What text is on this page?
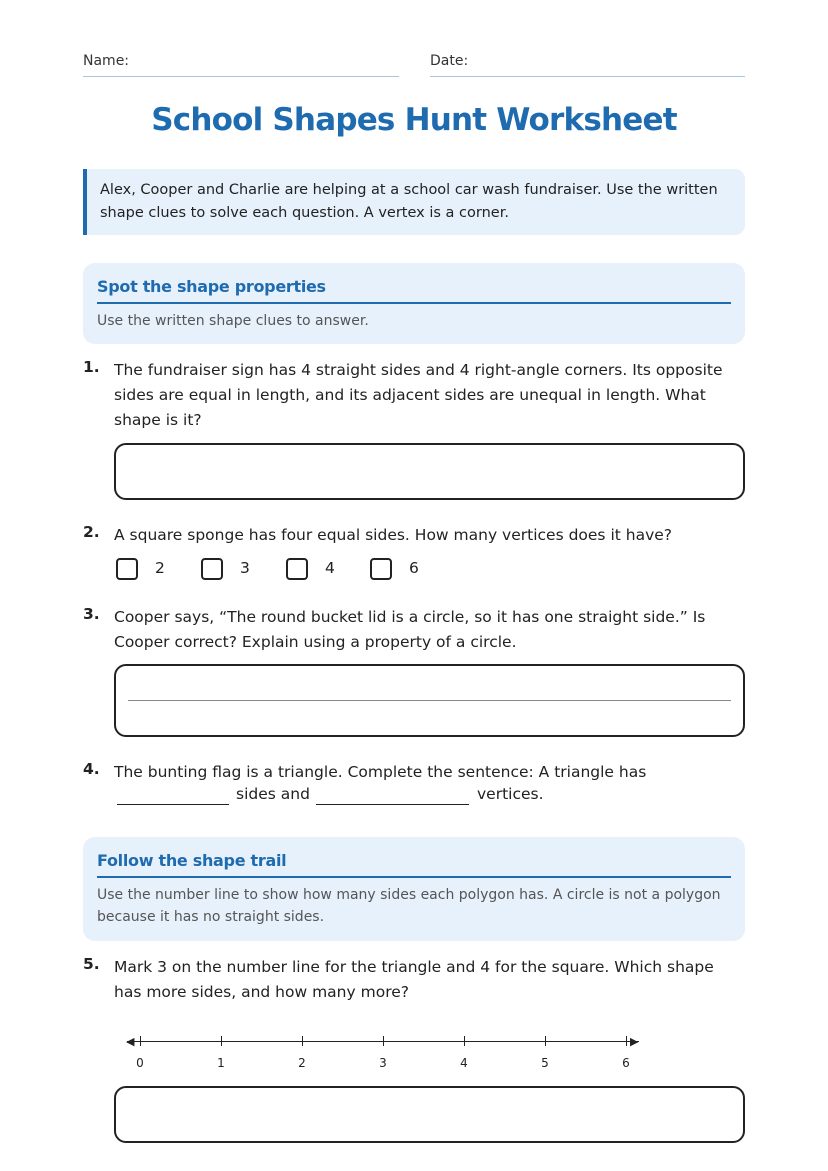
Name:	Date:
School Shapes Hunt Worksheet
Alex, Cooper and Charlie are helping at a school car wash fundraiser. Use the written shape clues to solve each question. A vertex is a corner.
Spot the shape properties
Use the written shape clues to answer.
1. The fundraiser sign has 4 straight sides and 4 right-angle corners. Its opposite sides are equal in length, and its adjacent sides are unequal in length. What shape is it?
2. A square sponge has four equal sides. How many vertices does it have?
2	3	4	6
3. Cooper says, “The round bucket lid is a circle, so it has one straight side.” Is Cooper correct? Explain using a property of a circle.
4. The bunting flag is a triangle. Complete the sentence: A triangle has
sides and	vertices.
Follow the shape trail
Use the number line to show how many sides each polygon has. A circle is not a polygon because it has no straight sides.
5. Mark 3 on the number line for the triangle and 4 for the square. Which shape has more sides, and how many more?
◀	▶
0	1	2	3	4	5	6
